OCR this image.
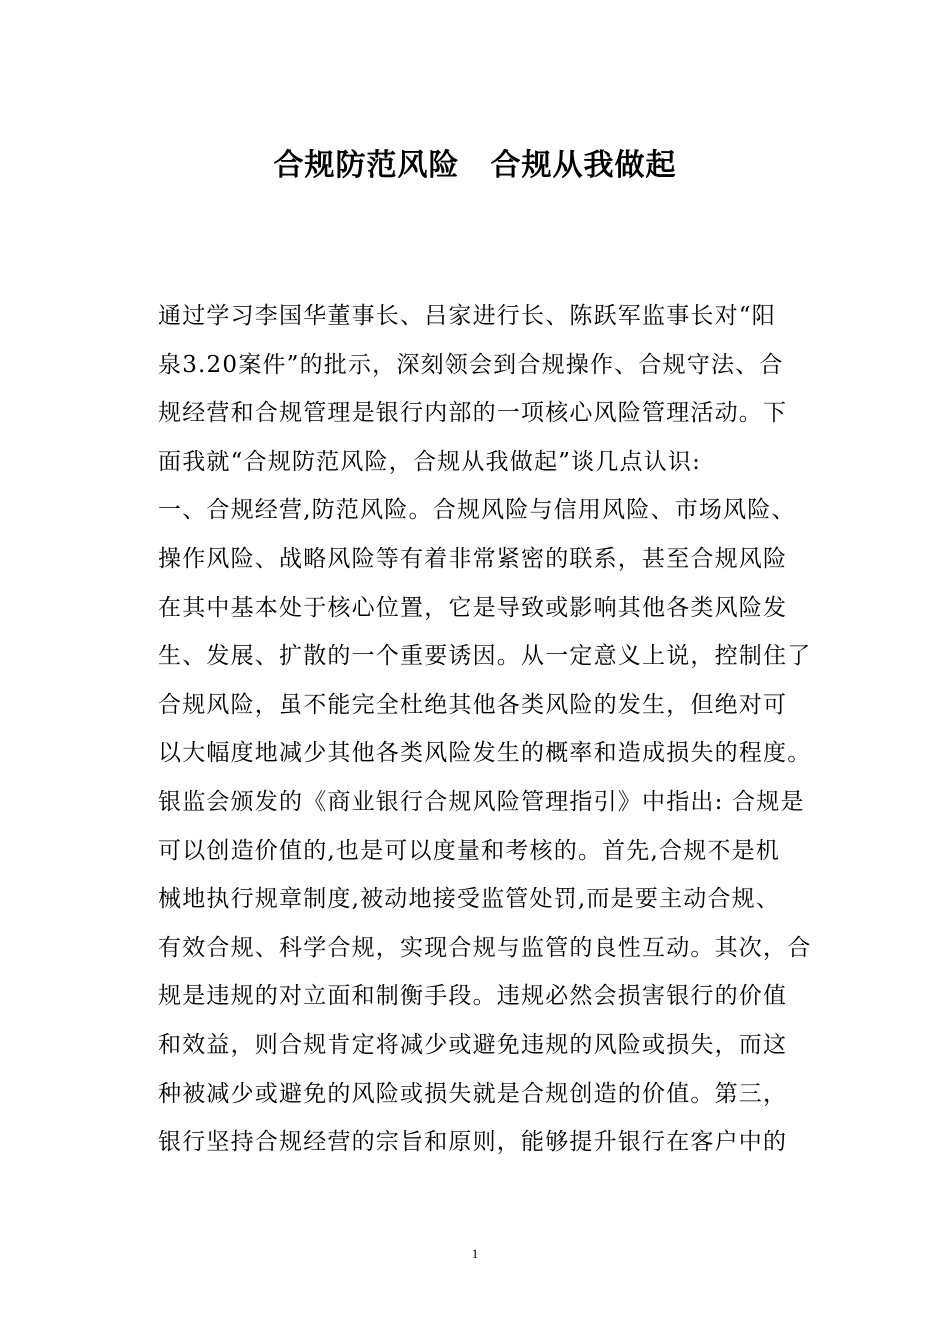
合规防范风险　合规从我做起
通过学习李国华董事长、吕家进行长、陈跃军监事长对“阳
泉3.20案件”的批示，深刻领会到合规操作、合规守法、合
规经营和合规管理是银行内部的一项核心风险管理活动。下
面我就“合规防范风险，合规从我做起”谈几点认识:
一、合规经营,防范风险。合规风险与信用风险、市场风险、
操作风险、战略风险等有着非常紧密的联系，甚至合规风险
在其中基本处于核心位置，它是导致或影响其他各类风险发
生、发展、扩散的一个重要诱因。从一定意义上说，控制住了
合规风险，虽不能完全杜绝其他各类风险的发生，但绝对可
以大幅度地减少其他各类风险发生的概率和造成损失的程度。
银监会颁发的《商业银行合规风险管理指引》中指出: 合规是
可以创造价值的,也是可以度量和考核的。首先,合规不是机
械地执行规章制度,被动地接受监管处罚,而是要主动合规、
有效合规、科学合规，实现合规与监管的良性互动。其次，合
规是违规的对立面和制衡手段。违规必然会损害银行的价值
和效益，则合规肯定将减少或避免违规的风险或损失，而这
种被减少或避免的风险或损失就是合规创造的价值。第三，
银行坚持合规经营的宗旨和原则，能够提升银行在客户中的
1
